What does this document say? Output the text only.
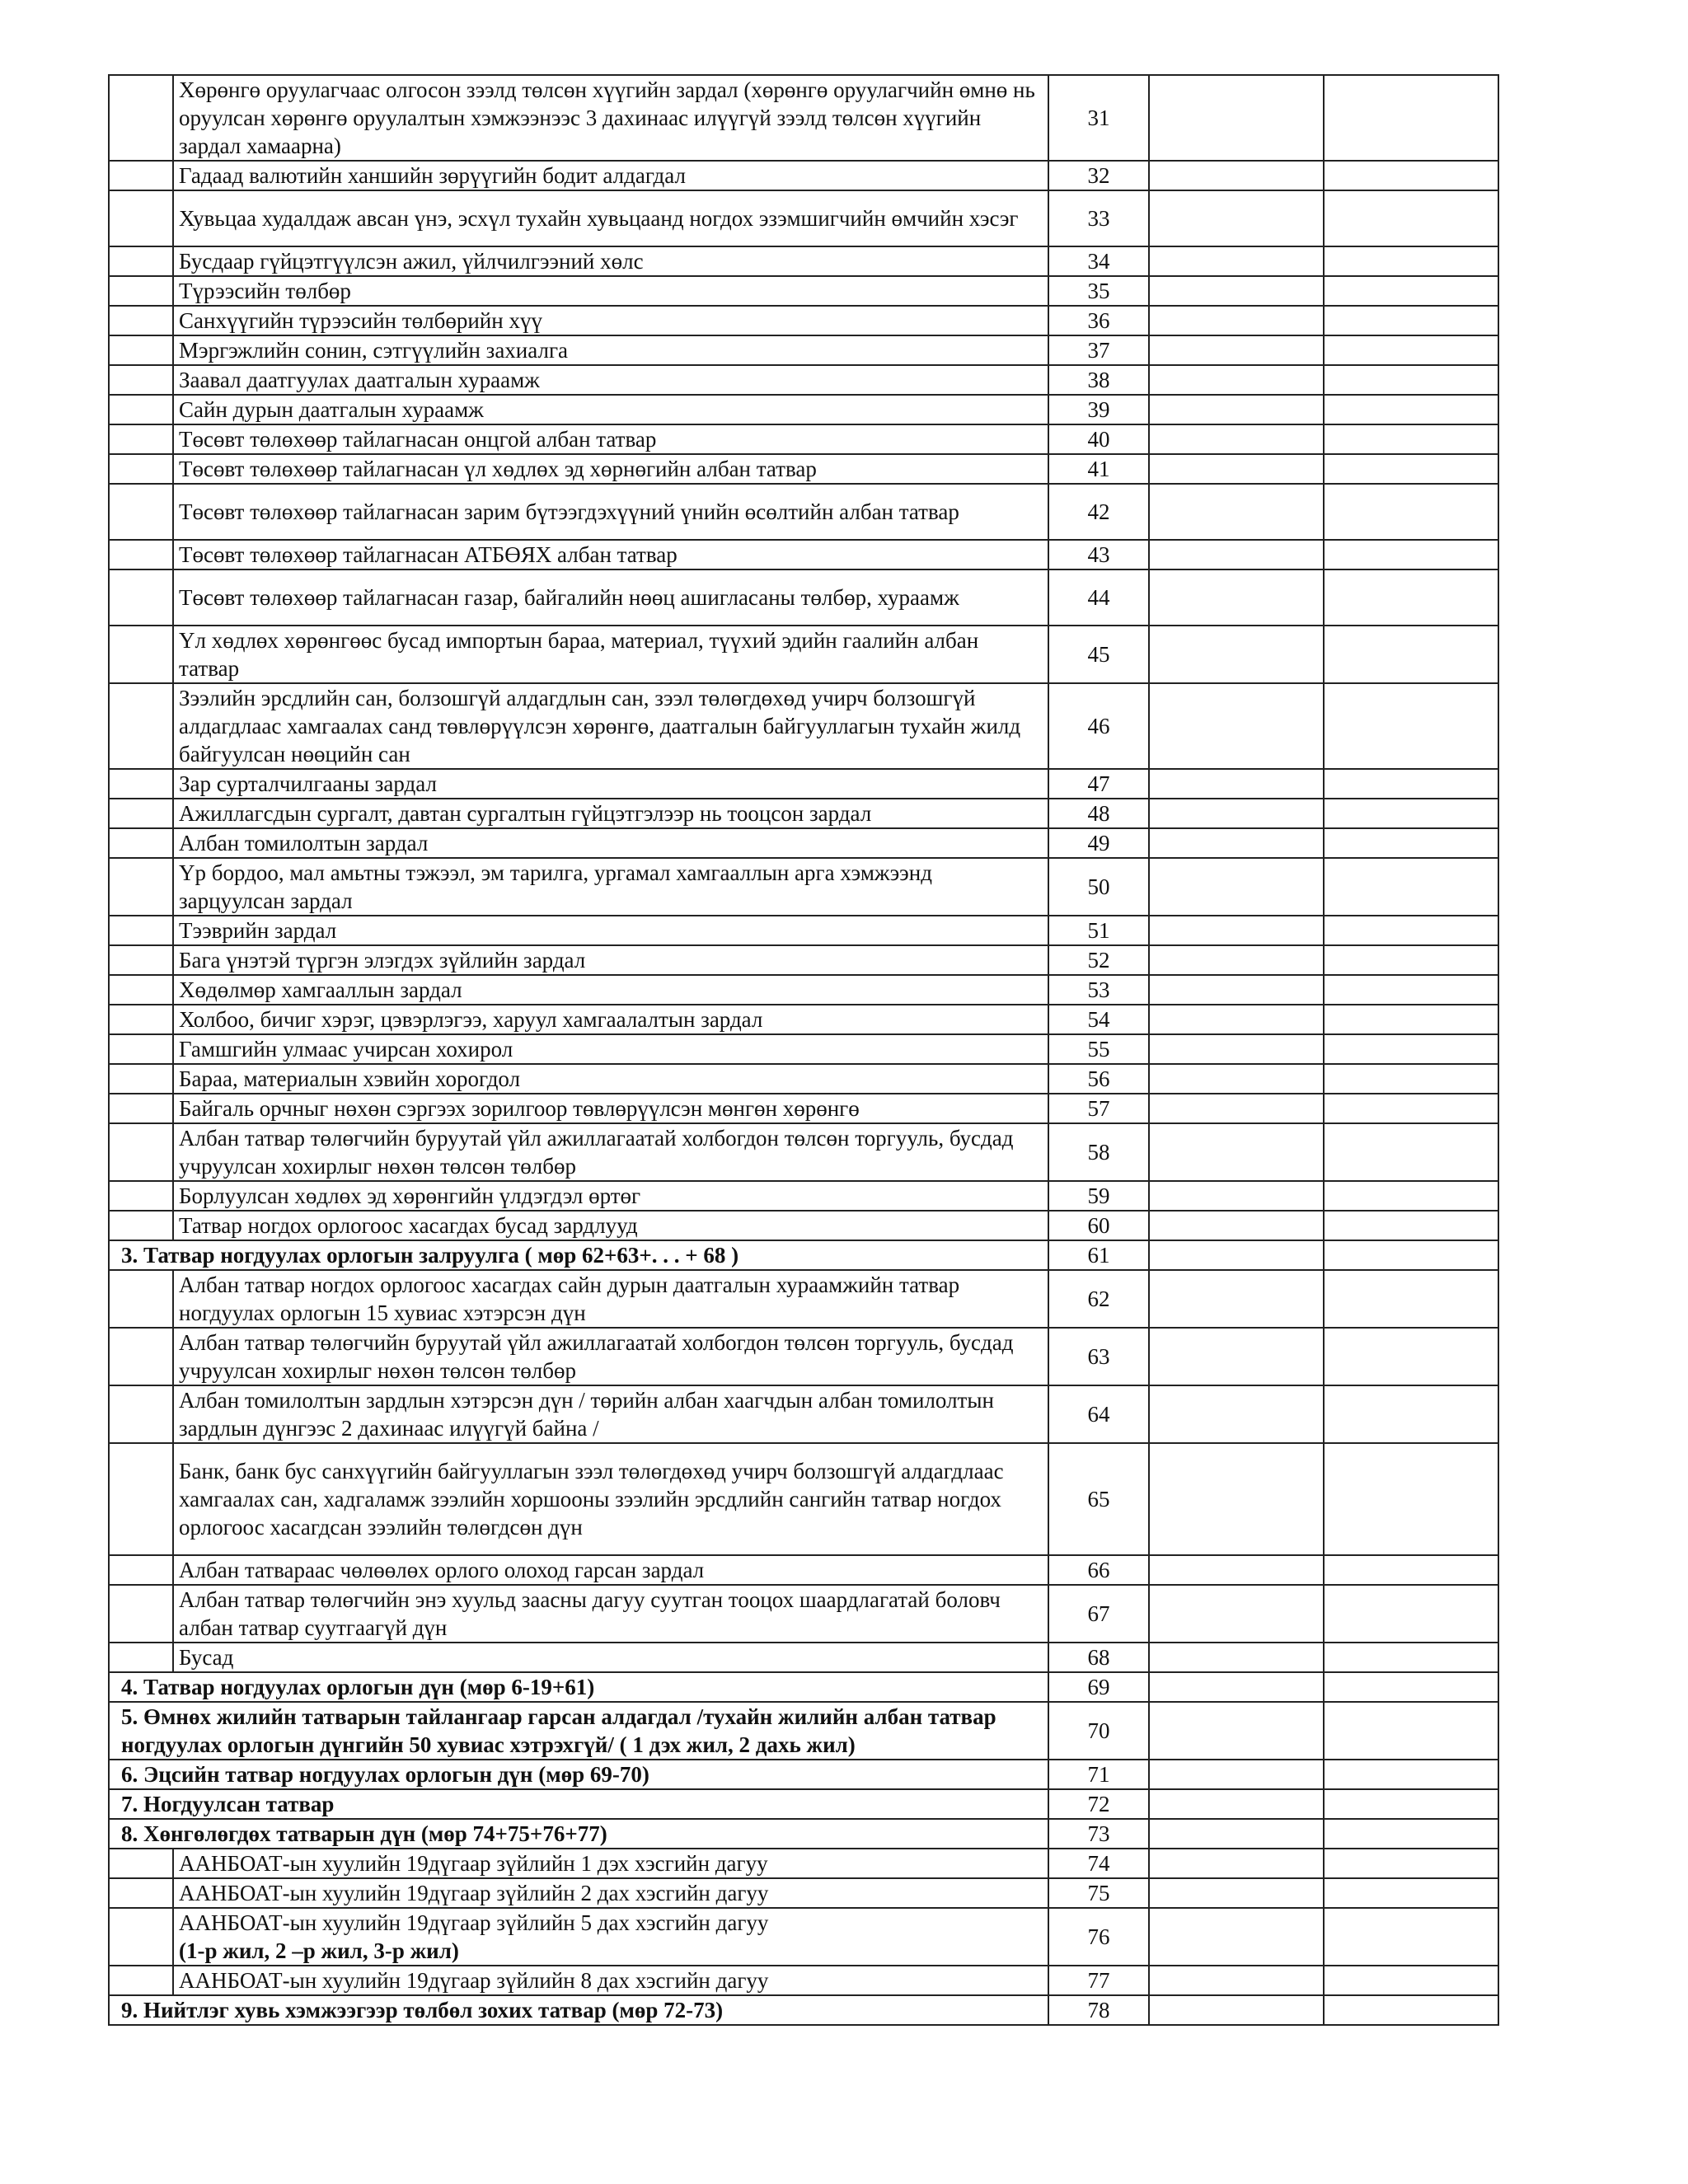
	Хөрөнгө оруулагчаас олгосон зээлд төлсөн хүүгийн зардал (хөрөнгө оруулагчийн өмнө нь оруулсан хөрөнгө оруулалтын хэмжээнээс 3 дахинаас илүүгүй зээлд төлсөн хүүгийн зардал хамаарна)	31		
	Гадаад валютийн ханшийн зөрүүгийн бодит алдагдал	32		
	Хувьцаа худалдаж авсан үнэ, эсхүл тухайн хувьцаанд ногдох эзэмшигчийн өмчийн хэсэг	33		
	Бусдаар гүйцэтгүүлсэн ажил, үйлчилгээний хөлс	34		
	Түрээсийн төлбөр	35		
	Санхүүгийн түрээсийн төлбөрийн хүү	36		
	Мэргэжлийн сонин, сэтгүүлийн захиалга	37		
	Заавал даатгуулах даатгалын хураамж	38		
	Сайн дурын даатгалын хураамж	39		
	Төсөвт төлөхөөр тайлагнасан онцгой албан татвар	40		
	Төсөвт төлөхөөр тайлагнасан үл хөдлөх эд хөрнөгийн албан татвар	41		
	Төсөвт төлөхөөр тайлагнасан зарим бүтээгдэхүүний үнийн өсөлтийн албан татвар	42		
	Төсөвт төлөхөөр тайлагнасан АТБӨЯХ албан татвар	43		
	Төсөвт төлөхөөр тайлагнасан газар, байгалийн нөөц ашигласаны төлбөр, хураамж	44		
	Үл хөдлөх хөрөнгөөс бусад импортын бараа, материал, түүхий эдийн гаалийн албан татвар	45		
	Зээлийн эрсдлийн сан, болзошгүй алдагдлын сан, зээл төлөгдөхөд учирч болзошгүй алдагдлаас хамгаалах санд төвлөрүүлсэн хөрөнгө, даатгалын байгууллагын тухайн жилд байгуулсан нөөцийн сан	46		
	Зар сурталчилгааны зардал	47		
	Ажиллагсдын сургалт, давтан сургалтын гүйцэтгэлээр нь тооцсон зардал	48		
	Албан томилолтын зардал	49		
	Үр бордоо, мал амьтны тэжээл, эм тарилга, ургамал хамгааллын арга хэмжээнд зарцуулсан зардал	50		
	Тээврийн зардал	51		
	Бага үнэтэй түргэн элэгдэх зүйлийн зардал	52		
	Хөдөлмөр хамгааллын зардал	53		
	Холбоо, бичиг хэрэг, цэвэрлэгээ, харуул хамгаалалтын зардал	54		
	Гамшгийн улмаас учирсан хохирол	55		
	Бараа, материалын хэвийн хорогдол	56		
	Байгаль орчныг нөхөн сэргээх зорилгоор төвлөрүүлсэн мөнгөн хөрөнгө	57		
	Албан татвар төлөгчийн буруутай үйл ажиллагаатай холбогдон төлсөн торгууль, бусдад учруулсан хохирлыг нөхөн төлсөн төлбөр	58		
	Борлуулсан хөдлөх эд хөрөнгийн үлдэгдэл өртөг	59		
	Татвар ногдох орлогоос хасагдах бусад зардлууд	60		
3. Татвар ногдуулах орлогын залруулга ( мөр 62+63+. . . + 68 )		61		
	Албан татвар ногдох орлогоос хасагдах сайн дурын даатгалын хураамжийн татвар ногдуулах орлогын 15 хувиас хэтэрсэн дүн	62		
	Албан татвар төлөгчийн буруутай үйл ажиллагаатай холбогдон төлсөн торгууль, бусдад учруулсан хохирлыг нөхөн төлсөн төлбөр	63		
	Албан томилолтын зардлын хэтэрсэн дүн / төрийн албан хаагчдын албан томилолтын зардлын дүнгээс 2 дахинаас илүүгүй байна /	64		
	Банк, банк бус санхүүгийн байгууллагын зээл төлөгдөхөд учирч болзошгүй алдагдлаас хамгаалах сан, хадгаламж зээлийн хоршооны зээлийн эрсдлийн сангийн татвар ногдох орлогоос хасагдсан зээлийн төлөгдсөн дүн	65		
	Албан татвараас чөлөөлөх орлого олоход гарсан зардал	66		
	Албан татвар төлөгчийн энэ хуульд заасны дагуу суутган тооцох шаардлагатай боловч албан татвар суутгаагүй дүн	67		
	Бусад	68		
4. Татвар ногдуулах орлогын дүн (мөр 6-19+61)		69		
5. Өмнөх жилийн татварын тайлангаар гарсан алдагдал /тухайн жилийн албан татвар ногдуулах орлогын дүнгийн 50 хувиас хэтрэхгүй/ ( 1 дэх жил, 2 дахь жил)		70		
6. Эцсийн татвар ногдуулах орлогын дүн (мөр 69-70)		71		
7. Ногдуулсан татвар		72		
8. Хөнгөлөгдөх татварын дүн (мөр 74+75+76+77)		73		
	ААНБОАТ-ын хуулийн 19дүгаар зүйлийн 1 дэх хэсгийн дагуу	74		
	ААНБОАТ-ын хуулийн 19дүгаар зүйлийн 2 дах хэсгийн дагуу	75		
	ААНБОАТ-ын хуулийн 19дүгаар зүйлийн 5 дах хэсгийн дагуу
(1-р жил, 2 –р жил, 3-р жил)	76		
	ААНБОАТ-ын хуулийн 19дүгаар зүйлийн 8 дах хэсгийн дагуу	77		
9. Нийтлэг хувь хэмжээгээр төлбөл зохих татвар (мөр 72-73)		78		
